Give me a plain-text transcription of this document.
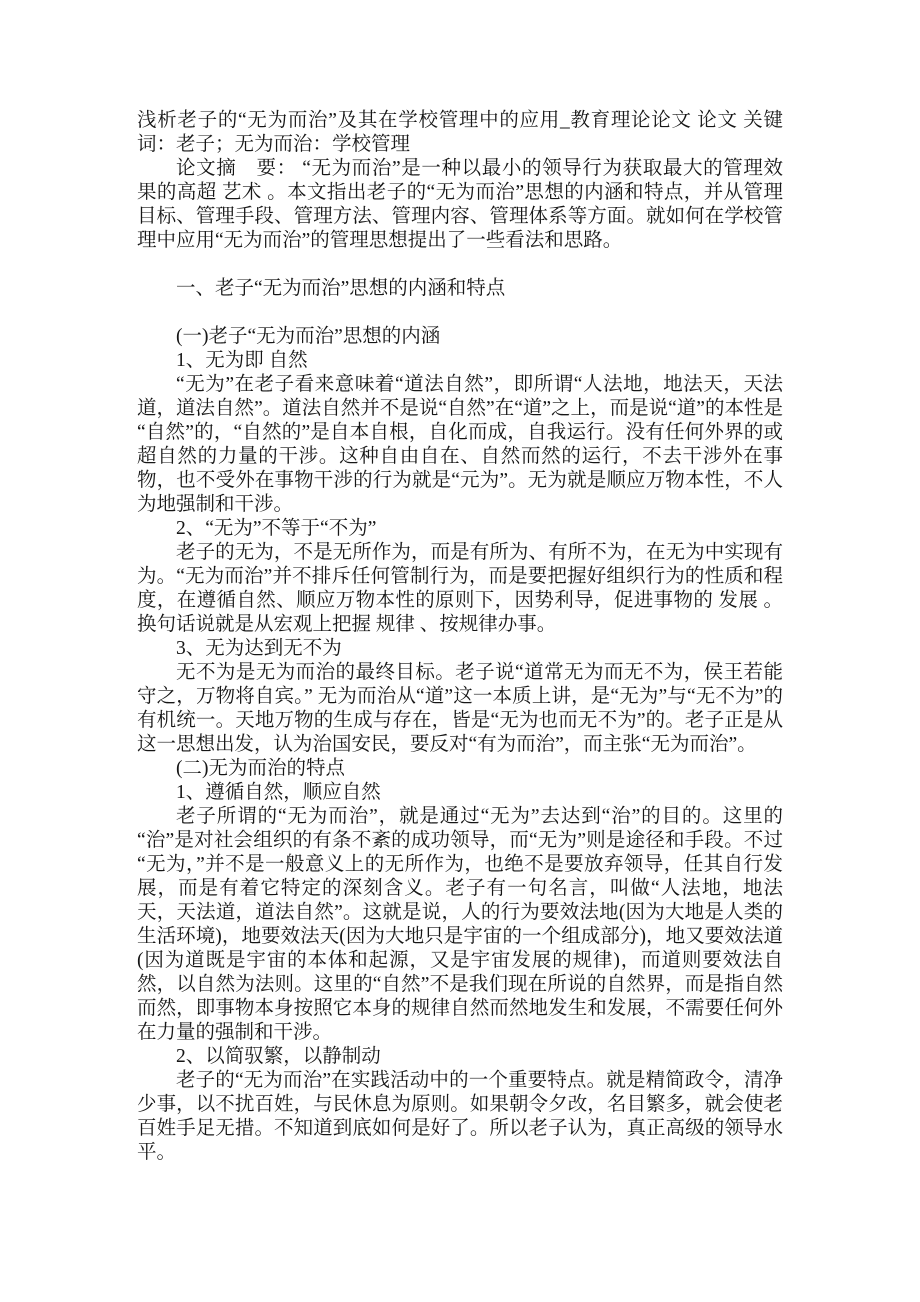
浅析老子的“无为而治”及其在学校管理中的应用_教育理论论文 论文 关键词：老子；无为而治：学校管理

论文摘　要： “无为而治”是一种以最小的领导行为获取最大的管理效果的高超 艺术 。本文指出老子的“无为而治”思想的内涵和特点，并从管理目标、管理手段、管理方法、管理内容、管理体系等方面。就如何在学校管理中应用“无为而治”的管理思想提出了一些看法和思路。

一、老子“无为而治”思想的内涵和特点

(一)老子“无为而治”思想的内涵

1、无为即 自然

“无为”在老子看来意味着“道法自然”，即所谓“人法地，地法天，天法道，道法自然”。道法自然并不是说“自然”在“道”之上，而是说“道”的本性是“自然”的，“自然的”是自本自根，自化而成，自我运行。没有任何外界的或超自然的力量的干涉。这种自由自在、自然而然的运行，不去干涉外在事物，也不受外在事物干涉的行为就是“元为”。无为就是顺应万物本性，不人为地强制和干涉。

2、“无为”不等于“不为”

老子的无为，不是无所作为，而是有所为、有所不为，在无为中实现有为。“无为而治”并不排斥任何管制行为，而是要把握好组织行为的性质和程度，在遵循自然、顺应万物本性的原则下，因势利导，促进事物的 发展 。换句话说就是从宏观上把握 规律 、按规律办事。

3、无为达到无不为

无不为是无为而治的最终目标。老子说“道常无为而无不为，侯王若能守之，万物将自宾。” 无为而治从“道”这一本质上讲，是“无为”与“无不为”的有机统一。天地万物的生成与存在，皆是“无为也而无不为”的。老子正是从这一思想出发，认为治国安民，要反对“有为而治”，而主张“无为而治”。

(二)无为而治的特点

1、遵循自然，顺应自然

老子所谓的“无为而治”，就是通过“无为”去达到“治”的目的。这里的“治”是对社会组织的有条不紊的成功领导，而“无为”则是途径和手段。不过“无为，”并不是一般意义上的无所作为，也绝不是要放弃领导，任其自行发展，而是有着它特定的深刻含义。老子有一句名言，叫做“人法地，地法天，天法道，道法自然”。这就是说，人的行为要效法地(因为大地是人类的生活环境)，地要效法天(因为大地只是宇宙的一个组成部分)，地又要效法道(因为道既是宇宙的本体和起源，又是宇宙发展的规律)，而道则要效法自然，以自然为法则。这里的“自然”不是我们现在所说的自然界，而是指自然而然，即事物本身按照它本身的规律自然而然地发生和发展，不需要任何外在力量的强制和干涉。

2、以简驭繁，以静制动

老子的“无为而治”在实践活动中的一个重要特点。就是精简政令，清净少事，以不扰百姓，与民休息为原则。如果朝令夕改，名目繁多，就会使老百姓手足无措。不知道到底如何是好了。所以老子认为，真正高级的领导水平。
